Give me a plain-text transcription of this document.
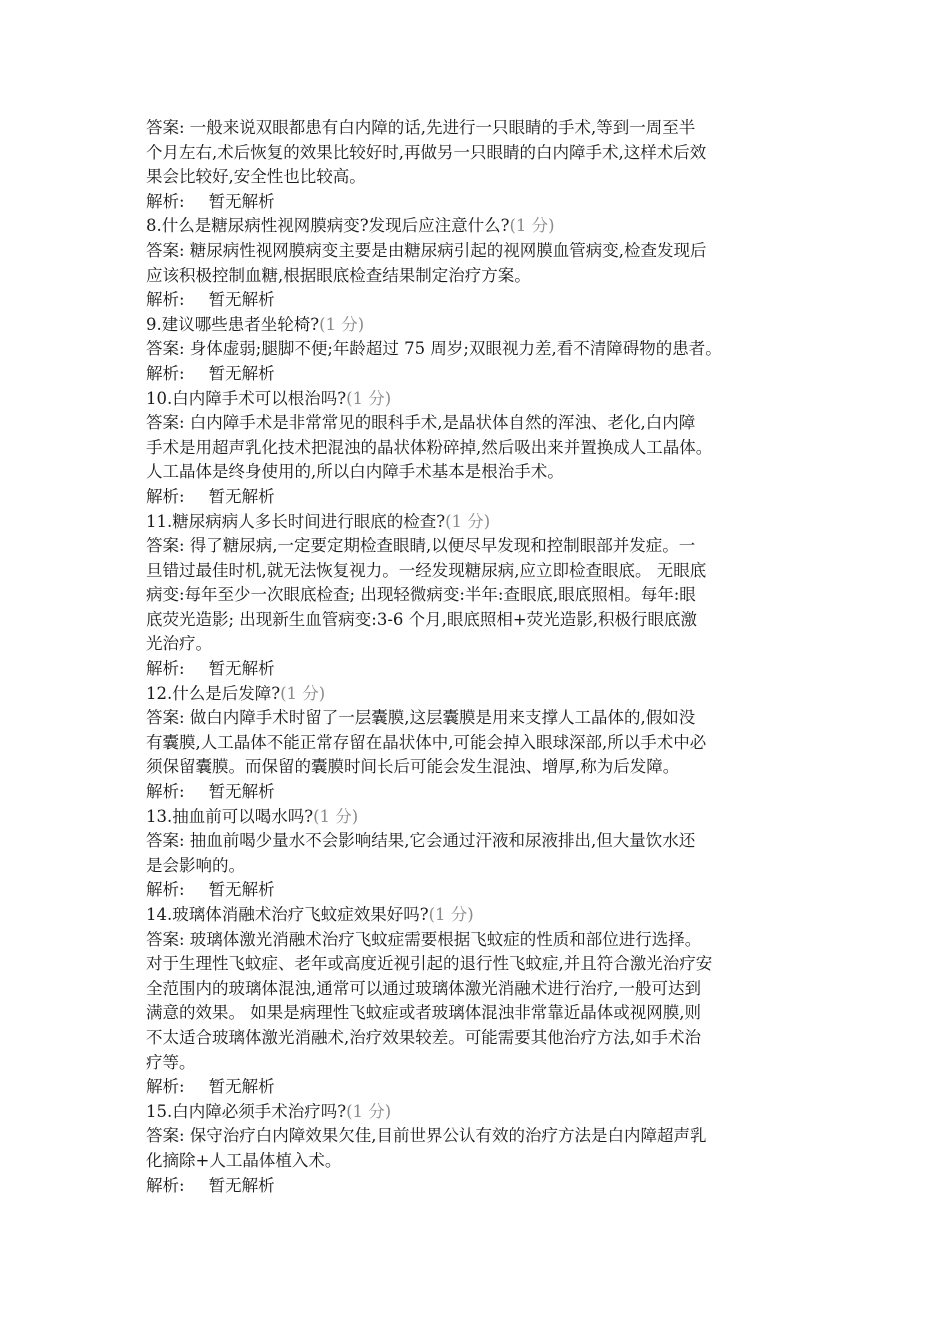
答案: 一般来说双眼都患有白内障的话,先进行一只眼睛的手术,等到一周至半
个月左右,术后恢复的效果比较好时,再做另一只眼睛的白内障手术,这样术后效
果会比较好,安全性也比较高。
解析: 暂无解析
8.什么是糖尿病性视网膜病变?发现后应注意什么?(1 分)
答案: 糖尿病性视网膜病变主要是由糖尿病引起的视网膜血管病变,检查发现后
应该积极控制血糖,根据眼底检查结果制定治疗方案。
解析: 暂无解析
9.建议哪些患者坐轮椅?(1 分)
答案: 身体虚弱;腿脚不便;年龄超过 75 周岁;双眼视力差,看不清障碍物的患者。
解析: 暂无解析
10.白内障手术可以根治吗?(1 分)
答案: 白内障手术是非常常见的眼科手术,是晶状体自然的浑浊、老化,白内障
手术是用超声乳化技术把混浊的晶状体粉碎掉,然后吸出来并置换成人工晶体。
人工晶体是终身使用的,所以白内障手术基本是根治手术。
解析: 暂无解析
11.糖尿病病人多长时间进行眼底的检查?(1 分)
答案: 得了糖尿病,一定要定期检查眼睛,以便尽早发现和控制眼部并发症。一
旦错过最佳时机,就无法恢复视力。一经发现糖尿病,应立即检查眼底。 无眼底
病变:每年至少一次眼底检查; 出现轻微病变:半年:查眼底,眼底照相。每年:眼
底荧光造影; 出现新生血管病变:3-6 个月,眼底照相+荧光造影,积极行眼底激
光治疗。
解析: 暂无解析
12.什么是后发障?(1 分)
答案: 做白内障手术时留了一层囊膜,这层囊膜是用来支撑人工晶体的,假如没
有囊膜,人工晶体不能正常存留在晶状体中,可能会掉入眼球深部,所以手术中必
须保留囊膜。而保留的囊膜时间长后可能会发生混浊、增厚,称为后发障。
解析: 暂无解析
13.抽血前可以喝水吗?(1 分)
答案: 抽血前喝少量水不会影响结果,它会通过汗液和尿液排出,但大量饮水还
是会影响的。
解析: 暂无解析
14.玻璃体消融术治疗飞蚊症效果好吗?(1 分)
答案: 玻璃体激光消融术治疗飞蚊症需要根据飞蚊症的性质和部位进行选择。
对于生理性飞蚊症、老年或高度近视引起的退行性飞蚊症,并且符合激光治疗安
全范围内的玻璃体混浊,通常可以通过玻璃体激光消融术进行治疗,一般可达到
满意的效果。 如果是病理性飞蚊症或者玻璃体混浊非常靠近晶体或视网膜,则
不太适合玻璃体激光消融术,治疗效果较差。可能需要其他治疗方法,如手术治
疗等。
解析: 暂无解析
15.白内障必须手术治疗吗?(1 分)
答案: 保守治疗白内障效果欠佳,目前世界公认有效的治疗方法是白内障超声乳
化摘除+人工晶体植入术。
解析: 暂无解析
